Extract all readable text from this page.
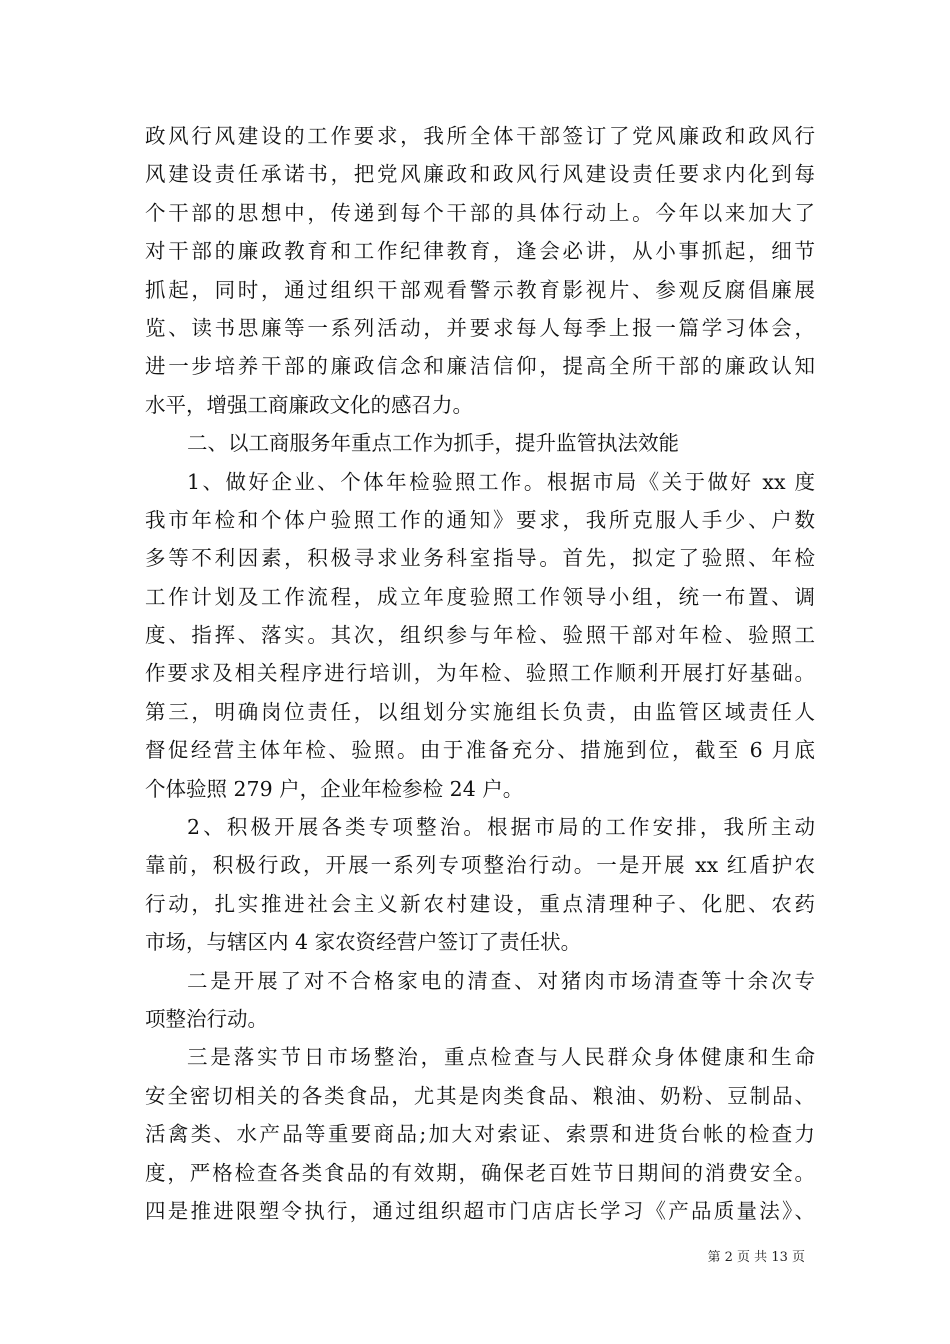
政风行风建设的工作要求，我所全体干部签订了党风廉政和政风行
风建设责任承诺书，把党风廉政和政风行风建设责任要求内化到每
个干部的思想中，传递到每个干部的具体行动上。今年以来加大了
对干部的廉政教育和工作纪律教育，逢会必讲，从小事抓起，细节
抓起，同时，通过组织干部观看警示教育影视片、参观反腐倡廉展
览、读书思廉等一系列活动，并要求每人每季上报一篇学习体会，
进一步培养干部的廉政信念和廉洁信仰，提高全所干部的廉政认知
水平，增强工商廉政文化的感召力。
二、以工商服务年重点工作为抓手，提升监管执法效能
1、做好企业、个体年检验照工作。根据市局《关于做好 xx 度
我市年检和个体户验照工作的通知》要求，我所克服人手少、户数
多等不利因素，积极寻求业务科室指导。首先，拟定了验照、年检
工作计划及工作流程，成立年度验照工作领导小组，统一布置、调
度、指挥、落实。其次，组织参与年检、验照干部对年检、验照工
作要求及相关程序进行培训，为年检、验照工作顺利开展打好基础。
第三，明确岗位责任，以组划分实施组长负责，由监管区域责任人
督促经营主体年检、验照。由于准备充分、措施到位，截至 6 月底
个体验照 279 户，企业年检参检 24 户。
2、积极开展各类专项整治。根据市局的工作安排，我所主动
靠前，积极行政，开展一系列专项整治行动。一是开展 xx 红盾护农
行动，扎实推进社会主义新农村建设，重点清理种子、化肥、农药
市场，与辖区内 4 家农资经营户签订了责任状。
二是开展了对不合格家电的清查、对猪肉市场清查等十余次专
项整治行动。
三是落实节日市场整治，重点检查与人民群众身体健康和生命
安全密切相关的各类食品，尤其是肉类食品、粮油、奶粉、豆制品、
活禽类、水产品等重要商品;加大对索证、索票和进货台帐的检查力
度，严格检查各类食品的有效期，确保老百姓节日期间的消费安全。
四是推进限塑令执行，通过组织超市门店店长学习《产品质量法》、
第 2 页 共 13 页
